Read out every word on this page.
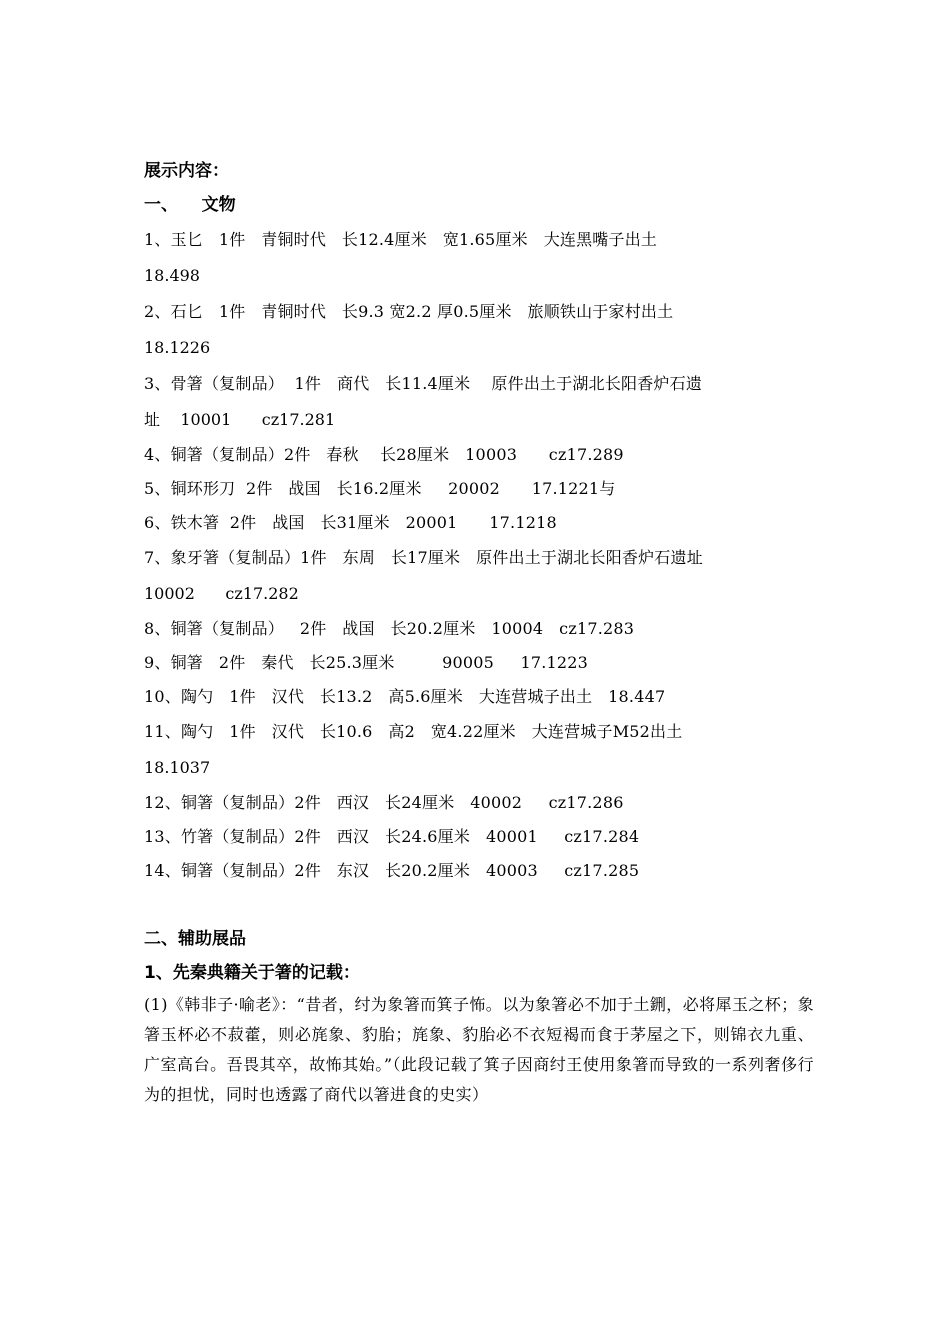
展示内容：
一、    文物
1、玉匕   1件   青铜时代   长12.4厘米   宽1.65厘米   大连黑嘴子出土
18.498
2、石匕   1件   青铜时代   长9.3 宽2.2 厚0.5厘米   旅顺铁山于家村出土
18.1226
3、骨箸（复制品）  1件   商代   长11.4厘米    原件出土于湖北长阳香炉石遗
址    10001      cz17.281
4、铜箸（复制品）2件   春秋    长28厘米   10003      cz17.289
5、铜环形刀  2件   战国   长16.2厘米     20002      17.1221与
6、铁木箸  2件   战国   长31厘米   20001      17.1218
7、象牙箸（复制品）1件   东周   长17厘米   原件出土于湖北长阳香炉石遗址
10002      cz17.282
8、铜箸（复制品）   2件   战国   长20.2厘米   10004   cz17.283
9、铜箸   2件   秦代   长25.3厘米         90005     17.1223
10、陶勺   1件   汉代   长13.2   高5.6厘米   大连营城子出土   18.447
11、陶勺   1件   汉代   长10.6   高2   宽4.22厘米   大连营城子M52出土
18.1037
12、铜箸（复制品）2件   西汉   长24厘米   40002     cz17.286
13、竹箸（复制品）2件   西汉   长24.6厘米   40001     cz17.284
14、铜箸（复制品）2件   东汉   长20.2厘米   40003     cz17.285
二、辅助展品
1、先秦典籍关于箸的记载：
(1)《韩非子·喻老》：“昔者，纣为象箸而箕子怖。以为象箸必不加于土鉶，必将犀玉之杯；象箸玉杯必不菽藿，则必旄象、豹胎；旄象、豹胎必不衣短褐而食于茅屋之下，则锦衣九重、广室高台。吾畏其卒，故怖其始。”（此段记载了箕子因商纣王使用象箸而导致的一系列奢侈行为的担忧，同时也透露了商代以箸进食的史实）
